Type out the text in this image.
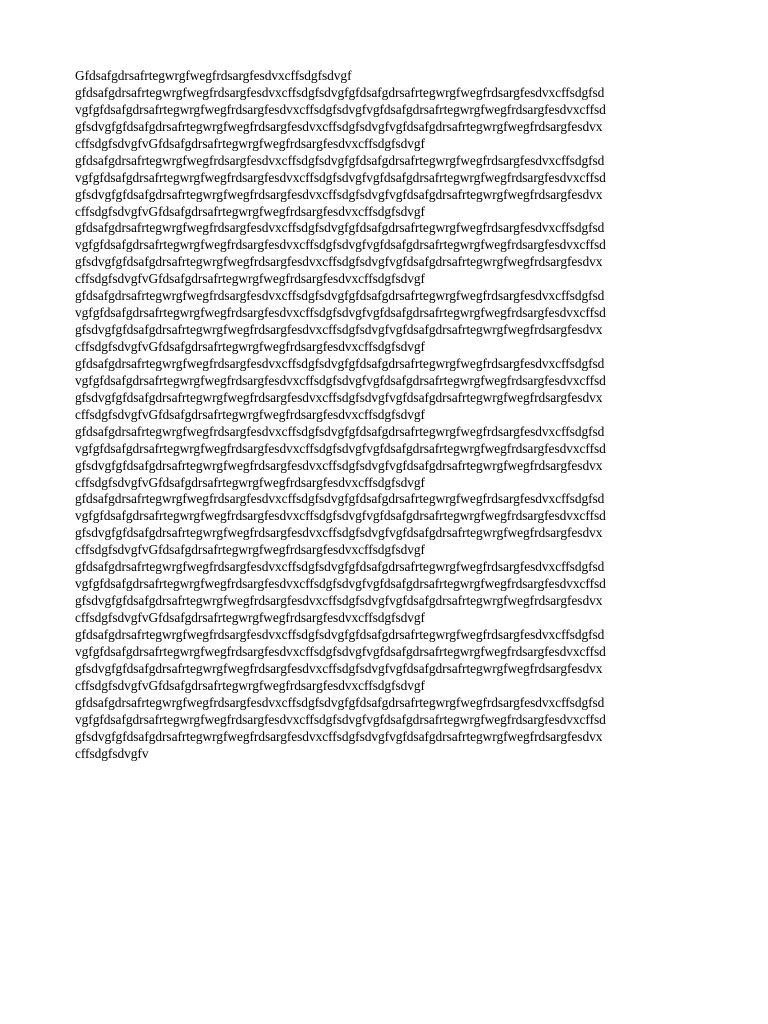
Gfdsafgdrsafrtegwrgfwegfrdsargfesdvxcffsdgfsdvgf
gfdsafgdrsafrtegwrgfwegfrdsargfesdvxcffsdgfsdvgfgfdsafgdrsafrtegwrgfwegfrdsargfesdvxcffsdgfsd
vgfgfdsafgdrsafrtegwrgfwegfrdsargfesdvxcffsdgfsdvgfvgfdsafgdrsafrtegwrgfwegfrdsargfesdvxcffsd
gfsdvgfgfdsafgdrsafrtegwrgfwegfrdsargfesdvxcffsdgfsdvgfvgfdsafgdrsafrtegwrgfwegfrdsargfesdvx
cffsdgfsdvgfvGfdsafgdrsafrtegwrgfwegfrdsargfesdvxcffsdgfsdvgf
gfdsafgdrsafrtegwrgfwegfrdsargfesdvxcffsdgfsdvgfgfdsafgdrsafrtegwrgfwegfrdsargfesdvxcffsdgfsd
vgfgfdsafgdrsafrtegwrgfwegfrdsargfesdvxcffsdgfsdvgfvgfdsafgdrsafrtegwrgfwegfrdsargfesdvxcffsd
gfsdvgfgfdsafgdrsafrtegwrgfwegfrdsargfesdvxcffsdgfsdvgfvgfdsafgdrsafrtegwrgfwegfrdsargfesdvx
cffsdgfsdvgfvGfdsafgdrsafrtegwrgfwegfrdsargfesdvxcffsdgfsdvgf
gfdsafgdrsafrtegwrgfwegfrdsargfesdvxcffsdgfsdvgfgfdsafgdrsafrtegwrgfwegfrdsargfesdvxcffsdgfsd
vgfgfdsafgdrsafrtegwrgfwegfrdsargfesdvxcffsdgfsdvgfvgfdsafgdrsafrtegwrgfwegfrdsargfesdvxcffsd
gfsdvgfgfdsafgdrsafrtegwrgfwegfrdsargfesdvxcffsdgfsdvgfvgfdsafgdrsafrtegwrgfwegfrdsargfesdvx
cffsdgfsdvgfvGfdsafgdrsafrtegwrgfwegfrdsargfesdvxcffsdgfsdvgf
gfdsafgdrsafrtegwrgfwegfrdsargfesdvxcffsdgfsdvgfgfdsafgdrsafrtegwrgfwegfrdsargfesdvxcffsdgfsd
vgfgfdsafgdrsafrtegwrgfwegfrdsargfesdvxcffsdgfsdvgfvgfdsafgdrsafrtegwrgfwegfrdsargfesdvxcffsd
gfsdvgfgfdsafgdrsafrtegwrgfwegfrdsargfesdvxcffsdgfsdvgfvgfdsafgdrsafrtegwrgfwegfrdsargfesdvx
cffsdgfsdvgfvGfdsafgdrsafrtegwrgfwegfrdsargfesdvxcffsdgfsdvgf
gfdsafgdrsafrtegwrgfwegfrdsargfesdvxcffsdgfsdvgfgfdsafgdrsafrtegwrgfwegfrdsargfesdvxcffsdgfsd
vgfgfdsafgdrsafrtegwrgfwegfrdsargfesdvxcffsdgfsdvgfvgfdsafgdrsafrtegwrgfwegfrdsargfesdvxcffsd
gfsdvgfgfdsafgdrsafrtegwrgfwegfrdsargfesdvxcffsdgfsdvgfvgfdsafgdrsafrtegwrgfwegfrdsargfesdvx
cffsdgfsdvgfvGfdsafgdrsafrtegwrgfwegfrdsargfesdvxcffsdgfsdvgf
gfdsafgdrsafrtegwrgfwegfrdsargfesdvxcffsdgfsdvgfgfdsafgdrsafrtegwrgfwegfrdsargfesdvxcffsdgfsd
vgfgfdsafgdrsafrtegwrgfwegfrdsargfesdvxcffsdgfsdvgfvgfdsafgdrsafrtegwrgfwegfrdsargfesdvxcffsd
gfsdvgfgfdsafgdrsafrtegwrgfwegfrdsargfesdvxcffsdgfsdvgfvgfdsafgdrsafrtegwrgfwegfrdsargfesdvx
cffsdgfsdvgfvGfdsafgdrsafrtegwrgfwegfrdsargfesdvxcffsdgfsdvgf
gfdsafgdrsafrtegwrgfwegfrdsargfesdvxcffsdgfsdvgfgfdsafgdrsafrtegwrgfwegfrdsargfesdvxcffsdgfsd
vgfgfdsafgdrsafrtegwrgfwegfrdsargfesdvxcffsdgfsdvgfvgfdsafgdrsafrtegwrgfwegfrdsargfesdvxcffsd
gfsdvgfgfdsafgdrsafrtegwrgfwegfrdsargfesdvxcffsdgfsdvgfvgfdsafgdrsafrtegwrgfwegfrdsargfesdvx
cffsdgfsdvgfvGfdsafgdrsafrtegwrgfwegfrdsargfesdvxcffsdgfsdvgf
gfdsafgdrsafrtegwrgfwegfrdsargfesdvxcffsdgfsdvgfgfdsafgdrsafrtegwrgfwegfrdsargfesdvxcffsdgfsd
vgfgfdsafgdrsafrtegwrgfwegfrdsargfesdvxcffsdgfsdvgfvgfdsafgdrsafrtegwrgfwegfrdsargfesdvxcffsd
gfsdvgfgfdsafgdrsafrtegwrgfwegfrdsargfesdvxcffsdgfsdvgfvgfdsafgdrsafrtegwrgfwegfrdsargfesdvx
cffsdgfsdvgfvGfdsafgdrsafrtegwrgfwegfrdsargfesdvxcffsdgfsdvgf
gfdsafgdrsafrtegwrgfwegfrdsargfesdvxcffsdgfsdvgfgfdsafgdrsafrtegwrgfwegfrdsargfesdvxcffsdgfsd
vgfgfdsafgdrsafrtegwrgfwegfrdsargfesdvxcffsdgfsdvgfvgfdsafgdrsafrtegwrgfwegfrdsargfesdvxcffsd
gfsdvgfgfdsafgdrsafrtegwrgfwegfrdsargfesdvxcffsdgfsdvgfvgfdsafgdrsafrtegwrgfwegfrdsargfesdvx
cffsdgfsdvgfvGfdsafgdrsafrtegwrgfwegfrdsargfesdvxcffsdgfsdvgf
gfdsafgdrsafrtegwrgfwegfrdsargfesdvxcffsdgfsdvgfgfdsafgdrsafrtegwrgfwegfrdsargfesdvxcffsdgfsd
vgfgfdsafgdrsafrtegwrgfwegfrdsargfesdvxcffsdgfsdvgfvgfdsafgdrsafrtegwrgfwegfrdsargfesdvxcffsd
gfsdvgfgfdsafgdrsafrtegwrgfwegfrdsargfesdvxcffsdgfsdvgfvgfdsafgdrsafrtegwrgfwegfrdsargfesdvx
cffsdgfsdvgfv
